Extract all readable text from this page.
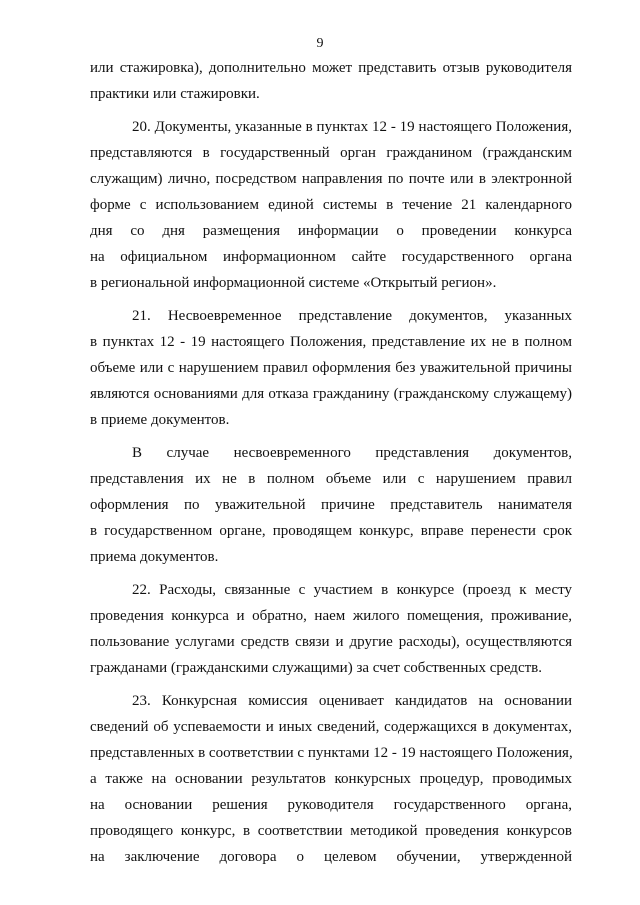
9
или стажировка), дополнительно может представить отзыв руководителя
практики или стажировки.
20. Документы, указанные в пунктах 12 - 19 настоящего Положения,
представляются в государственный орган гражданином (гражданским
служащим) лично, посредством направления по почте или в электронной
форме с использованием единой системы в течение 21 календарного
дня со дня размещения информации о проведении конкурса
на официальном информационном сайте государственного органа
в региональной информационной системе «Открытый регион».
21. Несвоевременное представление документов, указанных
в пунктах 12 - 19 настоящего Положения, представление их не в полном
объеме или с нарушением правил оформления без уважительной причины
являются основаниями для отказа гражданину (гражданскому служащему)
в приеме документов.
В случае несвоевременного представления документов,
представления их не в полном объеме или с нарушением правил
оформления по уважительной причине представитель нанимателя
в государственном органе, проводящем конкурс, вправе перенести срок
приема документов.
22. Расходы, связанные с участием в конкурсе (проезд к месту
проведения конкурса и обратно, наем жилого помещения, проживание,
пользование услугами средств связи и другие расходы), осуществляются
гражданами (гражданскими служащими) за счет собственных средств.
23. Конкурсная комиссия оценивает кандидатов на основании
сведений об успеваемости и иных сведений, содержащихся в документах,
представленных в соответствии с пунктами 12 - 19 настоящего Положения,
а также на основании результатов конкурсных процедур, проводимых
на основании решения руководителя государственного органа,
проводящего конкурс, в соответствии методикой проведения конкурсов
на заключение договора о целевом обучении, утвержденной
